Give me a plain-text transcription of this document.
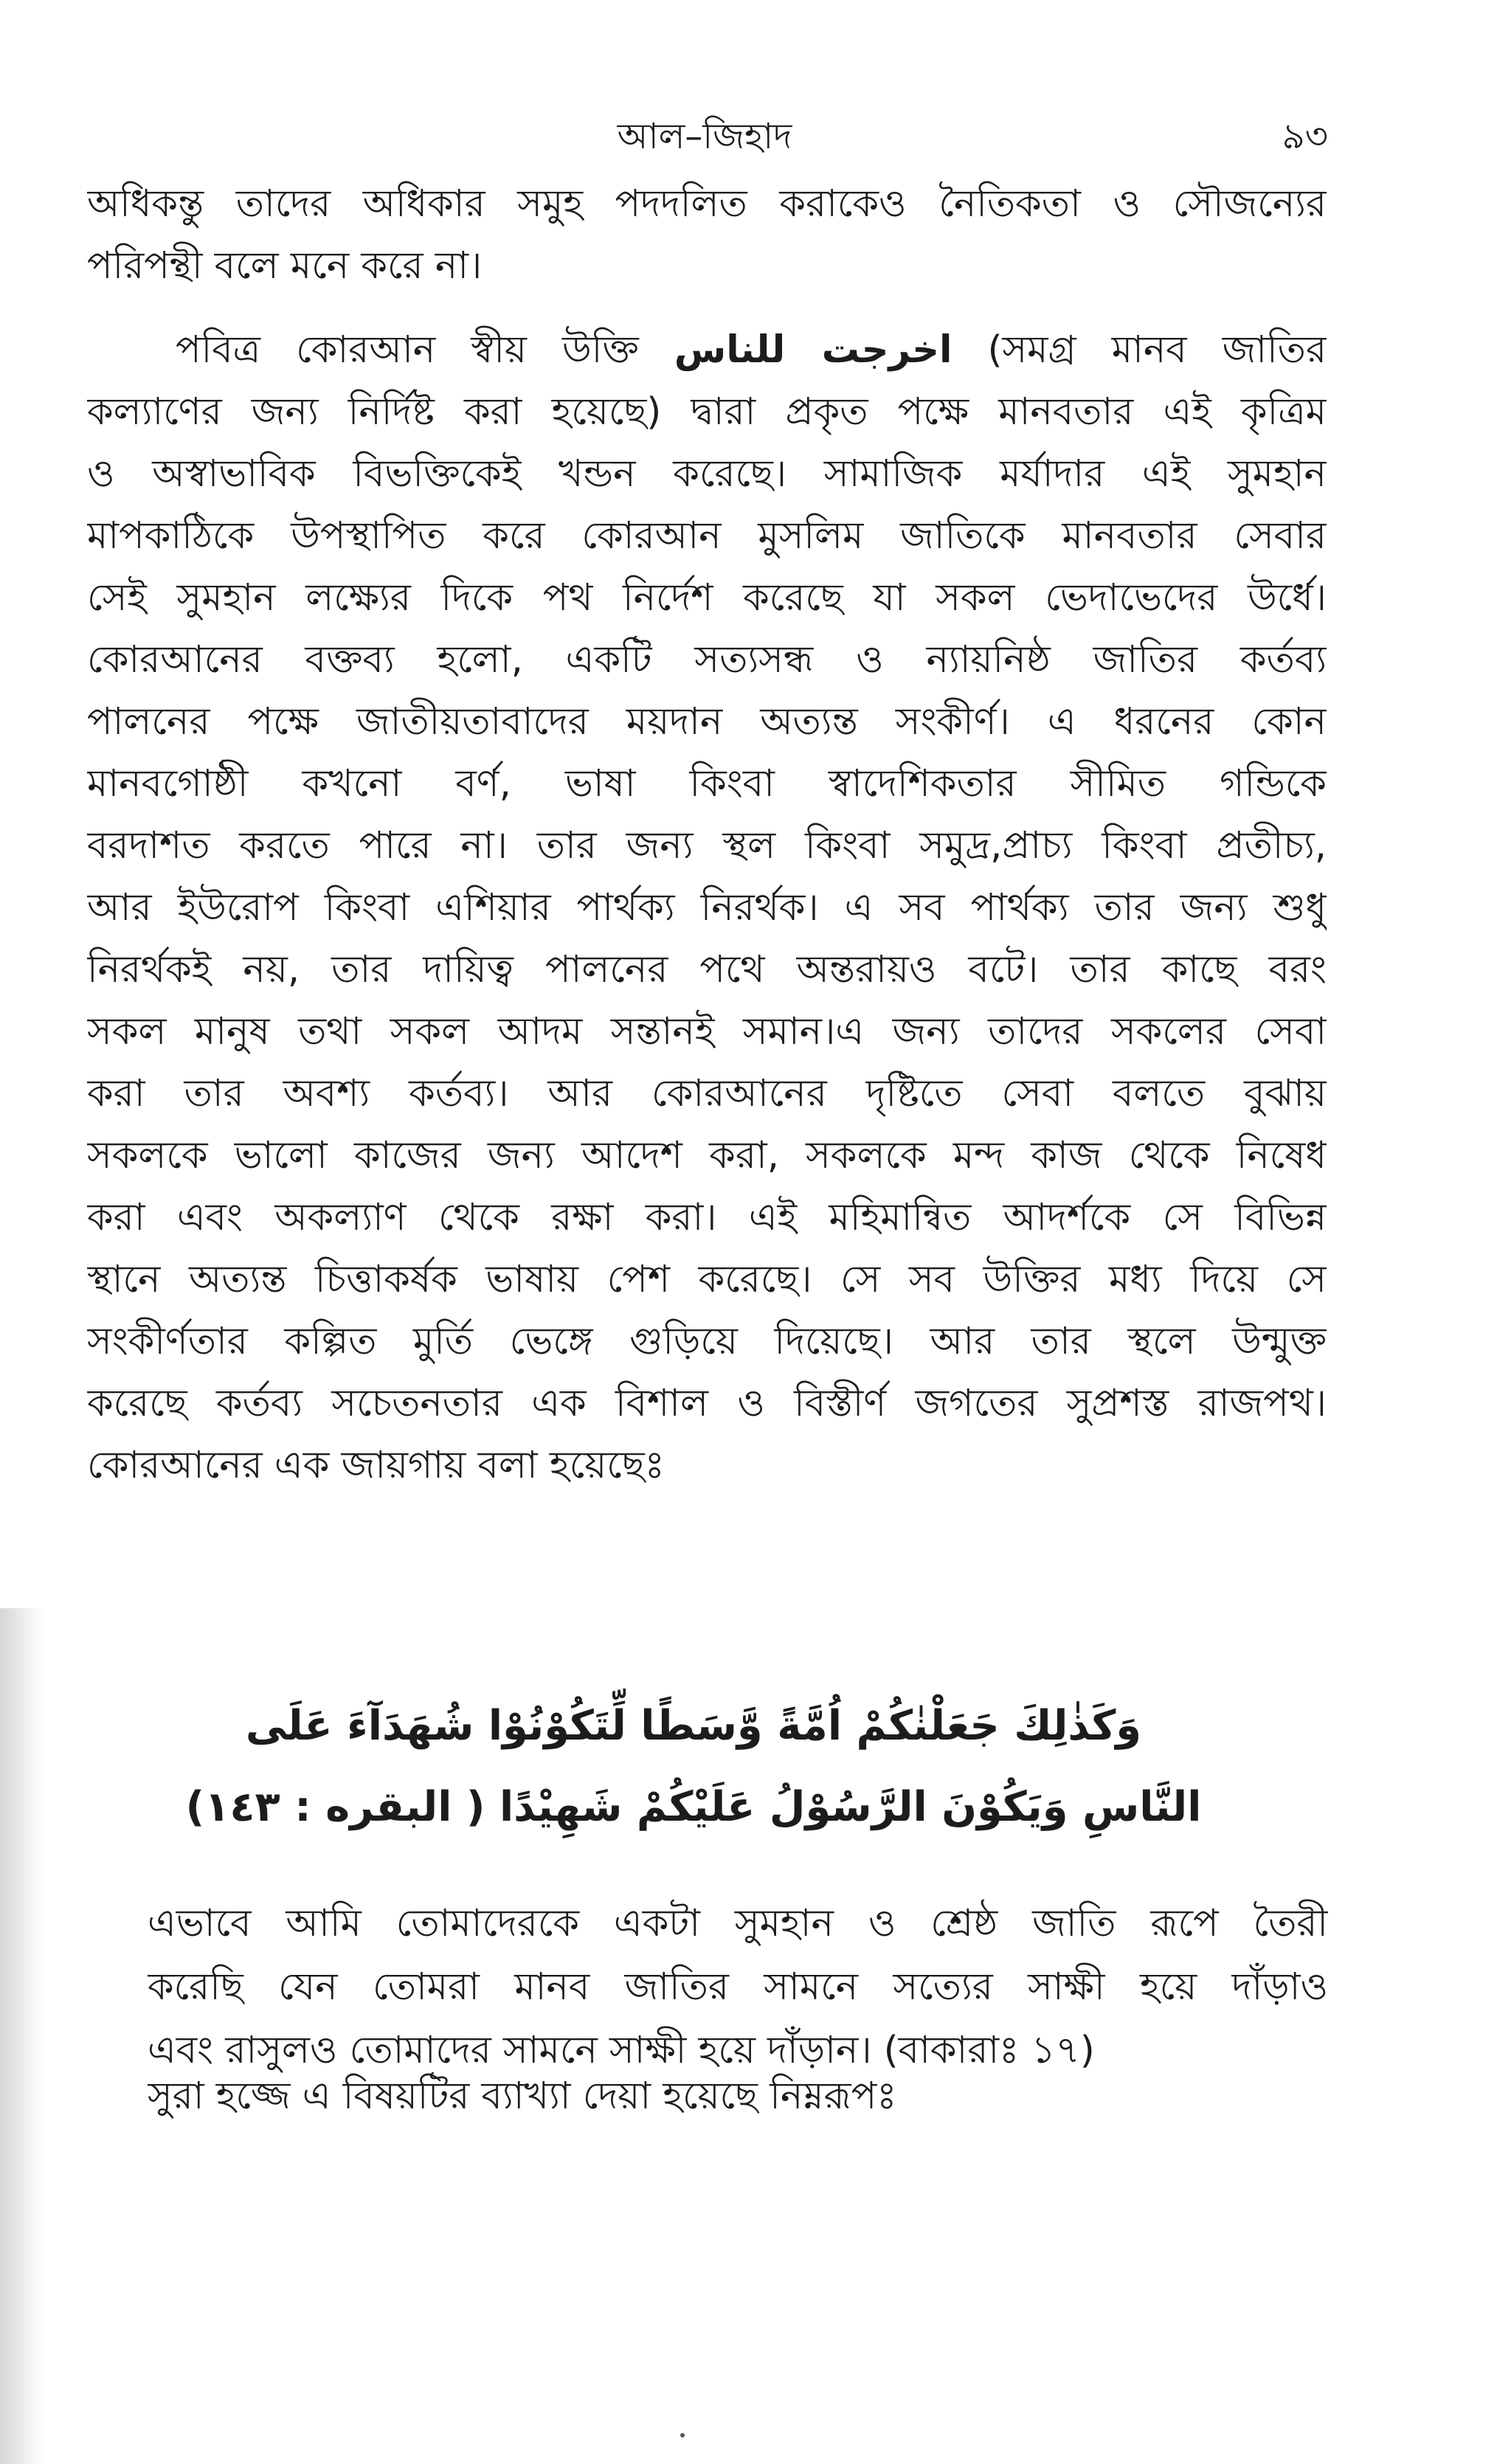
আল–জিহাদ	৯৩
অধিকন্তু তাদের অধিকার সমুহ পদদলিত করাকেও নৈতিকতা ও সৌজন্যের
পরিপন্থী বলে মনে করে না।
পবিত্র কোরআন স্বীয় উক্তি اخرجت للناس (সমগ্র মানব জাতির
কল্যাণের জন্য নির্দিষ্ট করা হয়েছে) দ্বারা প্রকৃত পক্ষে মানবতার এই কৃত্রিম
ও অস্বাভাবিক বিভক্তিকেই খন্ডন করেছে। সামাজিক মর্যাদার এই সুমহান
মাপকাঠিকে উপস্থাপিত করে কোরআন মুসলিম জাতিকে মানবতার সেবার
সেই সুমহান লক্ষ্যের দিকে পথ নির্দেশ করেছে যা সকল ভেদাভেদের উর্ধে।
কোরআনের বক্তব্য হলো, একটি সত্যসন্ধ ও ন্যায়নিষ্ঠ জাতির কর্তব্য
পালনের পক্ষে জাতীয়তাবাদের ময়দান অত্যন্ত সংকীর্ণ। এ ধরনের কোন
মানবগোষ্ঠী কখনো বর্ণ, ভাষা কিংবা স্বাদেশিকতার সীমিত গন্ডিকে
বরদাশত করতে পারে না। তার জন্য স্থল কিংবা সমুদ্র,প্রাচ্য কিংবা প্রতীচ্য,
আর ইউরোপ কিংবা এশিয়ার পার্থক্য নিরর্থক। এ সব পার্থক্য তার জন্য শুধু
নিরর্থকই নয়, তার দায়িত্ব পালনের পথে অন্তরায়ও বটে। তার কাছে বরং
সকল মানুষ তথা সকল আদম সন্তানই সমান।এ জন্য তাদের সকলের সেবা
করা তার অবশ্য কর্তব্য। আর কোরআনের দৃষ্টিতে সেবা বলতে বুঝায়
সকলকে ভালো কাজের জন্য আদেশ করা, সকলকে মন্দ কাজ থেকে নিষেধ
করা এবং অকল্যাণ থেকে রক্ষা করা। এই মহিমান্বিত আদর্শকে সে বিভিন্ন
স্থানে অত্যন্ত চিত্তাকর্ষক ভাষায় পেশ করেছে। সে সব উক্তির মধ্য দিয়ে সে
সংকীর্ণতার কল্পিত মুর্তি ভেঙ্গে গুড়িয়ে দিয়েছে। আর তার স্থলে উন্মুক্ত
করেছে কর্তব্য সচেতনতার এক বিশাল ও বিস্তীর্ণ জগতের সুপ্রশস্ত রাজপথ।
কোরআনের এক জায়গায় বলা হয়েছেঃ
وَكَذٰلِكَ جَعَلْنٰكُمْ اُمَّةً وَّسَطًا لِّتَكُوْنُوْا شُهَدَآءَ عَلَى
النَّاسِ وَيَكُوْنَ الرَّسُوْلُ عَلَيْكُمْ شَهِيْدًا ( البقره : ١٤٣)
এভাবে আমি তোমাদেরকে একটা সুমহান ও শ্রেষ্ঠ জাতি রূপে তৈরী
করেছি যেন তোমরা মানব জাতির সামনে সত্যের সাক্ষী হয়ে দাঁড়াও
এবং রাসুলও তোমাদের সামনে সাক্ষী হয়ে দাঁড়ান। (বাকারাঃ ১৭)
সুরা হজ্জে এ বিষয়টির ব্যাখ্যা দেয়া হয়েছে নিম্নরূপঃ
